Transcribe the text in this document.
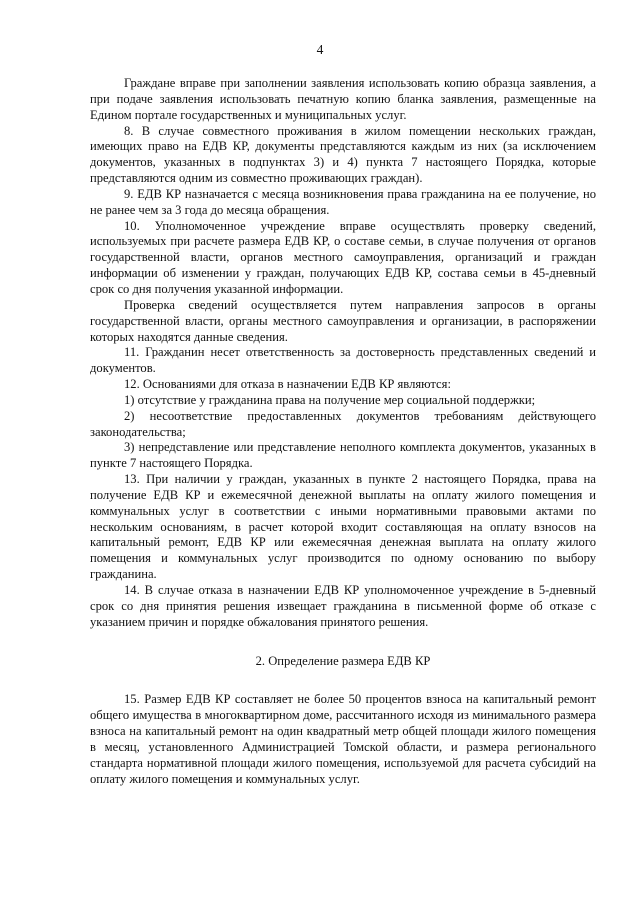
4

Граждане вправе при заполнении заявления использовать копию образца заявления, а при подаче заявления использовать печатную копию бланка заявления, размещенные на Едином портале государственных и муниципальных услуг.

8. В случае совместного проживания в жилом помещении нескольких граждан, имеющих право на ЕДВ КР, документы представляются каждым из них (за исключением документов, указанных в подпунктах 3) и 4) пункта 7 настоящего Порядка, которые представляются одним из совместно проживающих граждан).

9. ЕДВ КР назначается с месяца возникновения права гражданина на ее получение, но не ранее чем за 3 года до месяца обращения.

10. Уполномоченное учреждение вправе осуществлять проверку сведений, используемых при расчете размера ЕДВ КР, о составе семьи, в случае получения от органов государственной власти, органов местного самоуправления, организаций и граждан информации об изменении у граждан, получающих ЕДВ КР, состава семьи в 45-дневный срок со дня получения указанной информации.

Проверка сведений осуществляется путем направления запросов в органы государственной власти, органы местного самоуправления и организации, в распоряжении которых находятся данные сведения.

11. Гражданин несет ответственность за достоверность представленных сведений и документов.

12. Основаниями для отказа в назначении ЕДВ КР являются:

1) отсутствие у гражданина права на получение мер социальной поддержки;

2) несоответствие предоставленных документов требованиям действующего законодательства;

3) непредставление или представление неполного комплекта документов, указанных в пункте 7 настоящего Порядка.

13. При наличии у граждан, указанных в пункте 2 настоящего Порядка, права на получение ЕДВ КР и ежемесячной денежной выплаты на оплату жилого помещения и коммунальных услуг в соответствии с иными нормативными правовыми актами по нескольким основаниям, в расчет которой входит составляющая на оплату взносов на капитальный ремонт, ЕДВ КР или ежемесячная денежная выплата на оплату жилого помещения и коммунальных услуг производится по одному основанию по выбору гражданина.

14. В случае отказа в назначении ЕДВ КР уполномоченное учреждение в 5-дневный срок со дня принятия решения извещает гражданина в письменной форме об отказе с указанием причин и порядке обжалования принятого решения.

2. Определение размера ЕДВ КР

15. Размер ЕДВ КР составляет не более 50 процентов взноса на капитальный ремонт общего имущества в многоквартирном доме, рассчитанного исходя из минимального размера взноса на капитальный ремонт на один квадратный метр общей площади жилого помещения в месяц, установленного Администрацией Томской области, и размера регионального стандарта нормативной площади жилого помещения, используемой для расчета субсидий на оплату жилого помещения и коммунальных услуг.
